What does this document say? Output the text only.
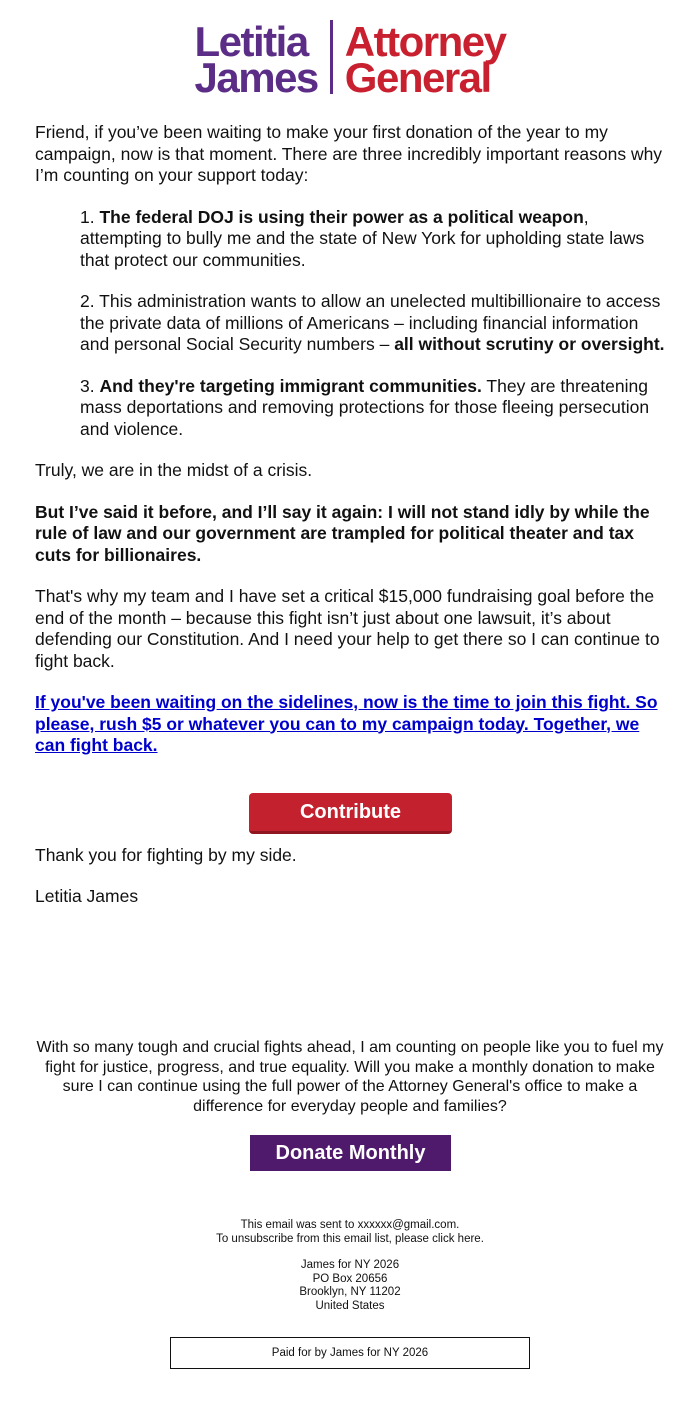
Letitia
James
Attorney
General

Friend, if you’ve been waiting to make your first donation of the year to my campaign, now is that moment. There are three incredibly important reasons why I’m counting on your support today:

1. The federal DOJ is using their power as a political weapon, attempting to bully me and the state of New York for upholding state laws that protect our communities.

2. This administration wants to allow an unelected multibillionaire to access the private data of millions of Americans – including financial information and personal Social Security numbers – all without scrutiny or oversight.

3. And they're targeting immigrant communities. They are threatening mass deportations and removing protections for those fleeing persecution and violence.

Truly, we are in the midst of a crisis.

But I’ve said it before, and I’ll say it again: I will not stand idly by while the rule of law and our government are trampled for political theater and tax cuts for billionaires.

That's why my team and I have set a critical $15,000 fundraising goal before the end of the month – because this fight isn’t just about one lawsuit, it’s about defending our Constitution. And I need your help to get there so I can continue to fight back.

If you've been waiting on the sidelines, now is the time to join this fight. So please, rush $5 or whatever you can to my campaign today. Together, we can fight back.

Contribute

Thank you for fighting by my side.

Letitia James

With so many tough and crucial fights ahead, I am counting on people like you to fuel my fight for justice, progress, and true equality. Will you make a monthly donation to make sure I can continue using the full power of the Attorney General's office to make a difference for everyday people and families?

Donate Monthly
This email was sent to xxxxxx@gmail.com.
To unsubscribe from this email list, please click here.
James for NY 2026
PO Box 20656
Brooklyn, NY 11202
United States
Paid for by James for NY 2026
